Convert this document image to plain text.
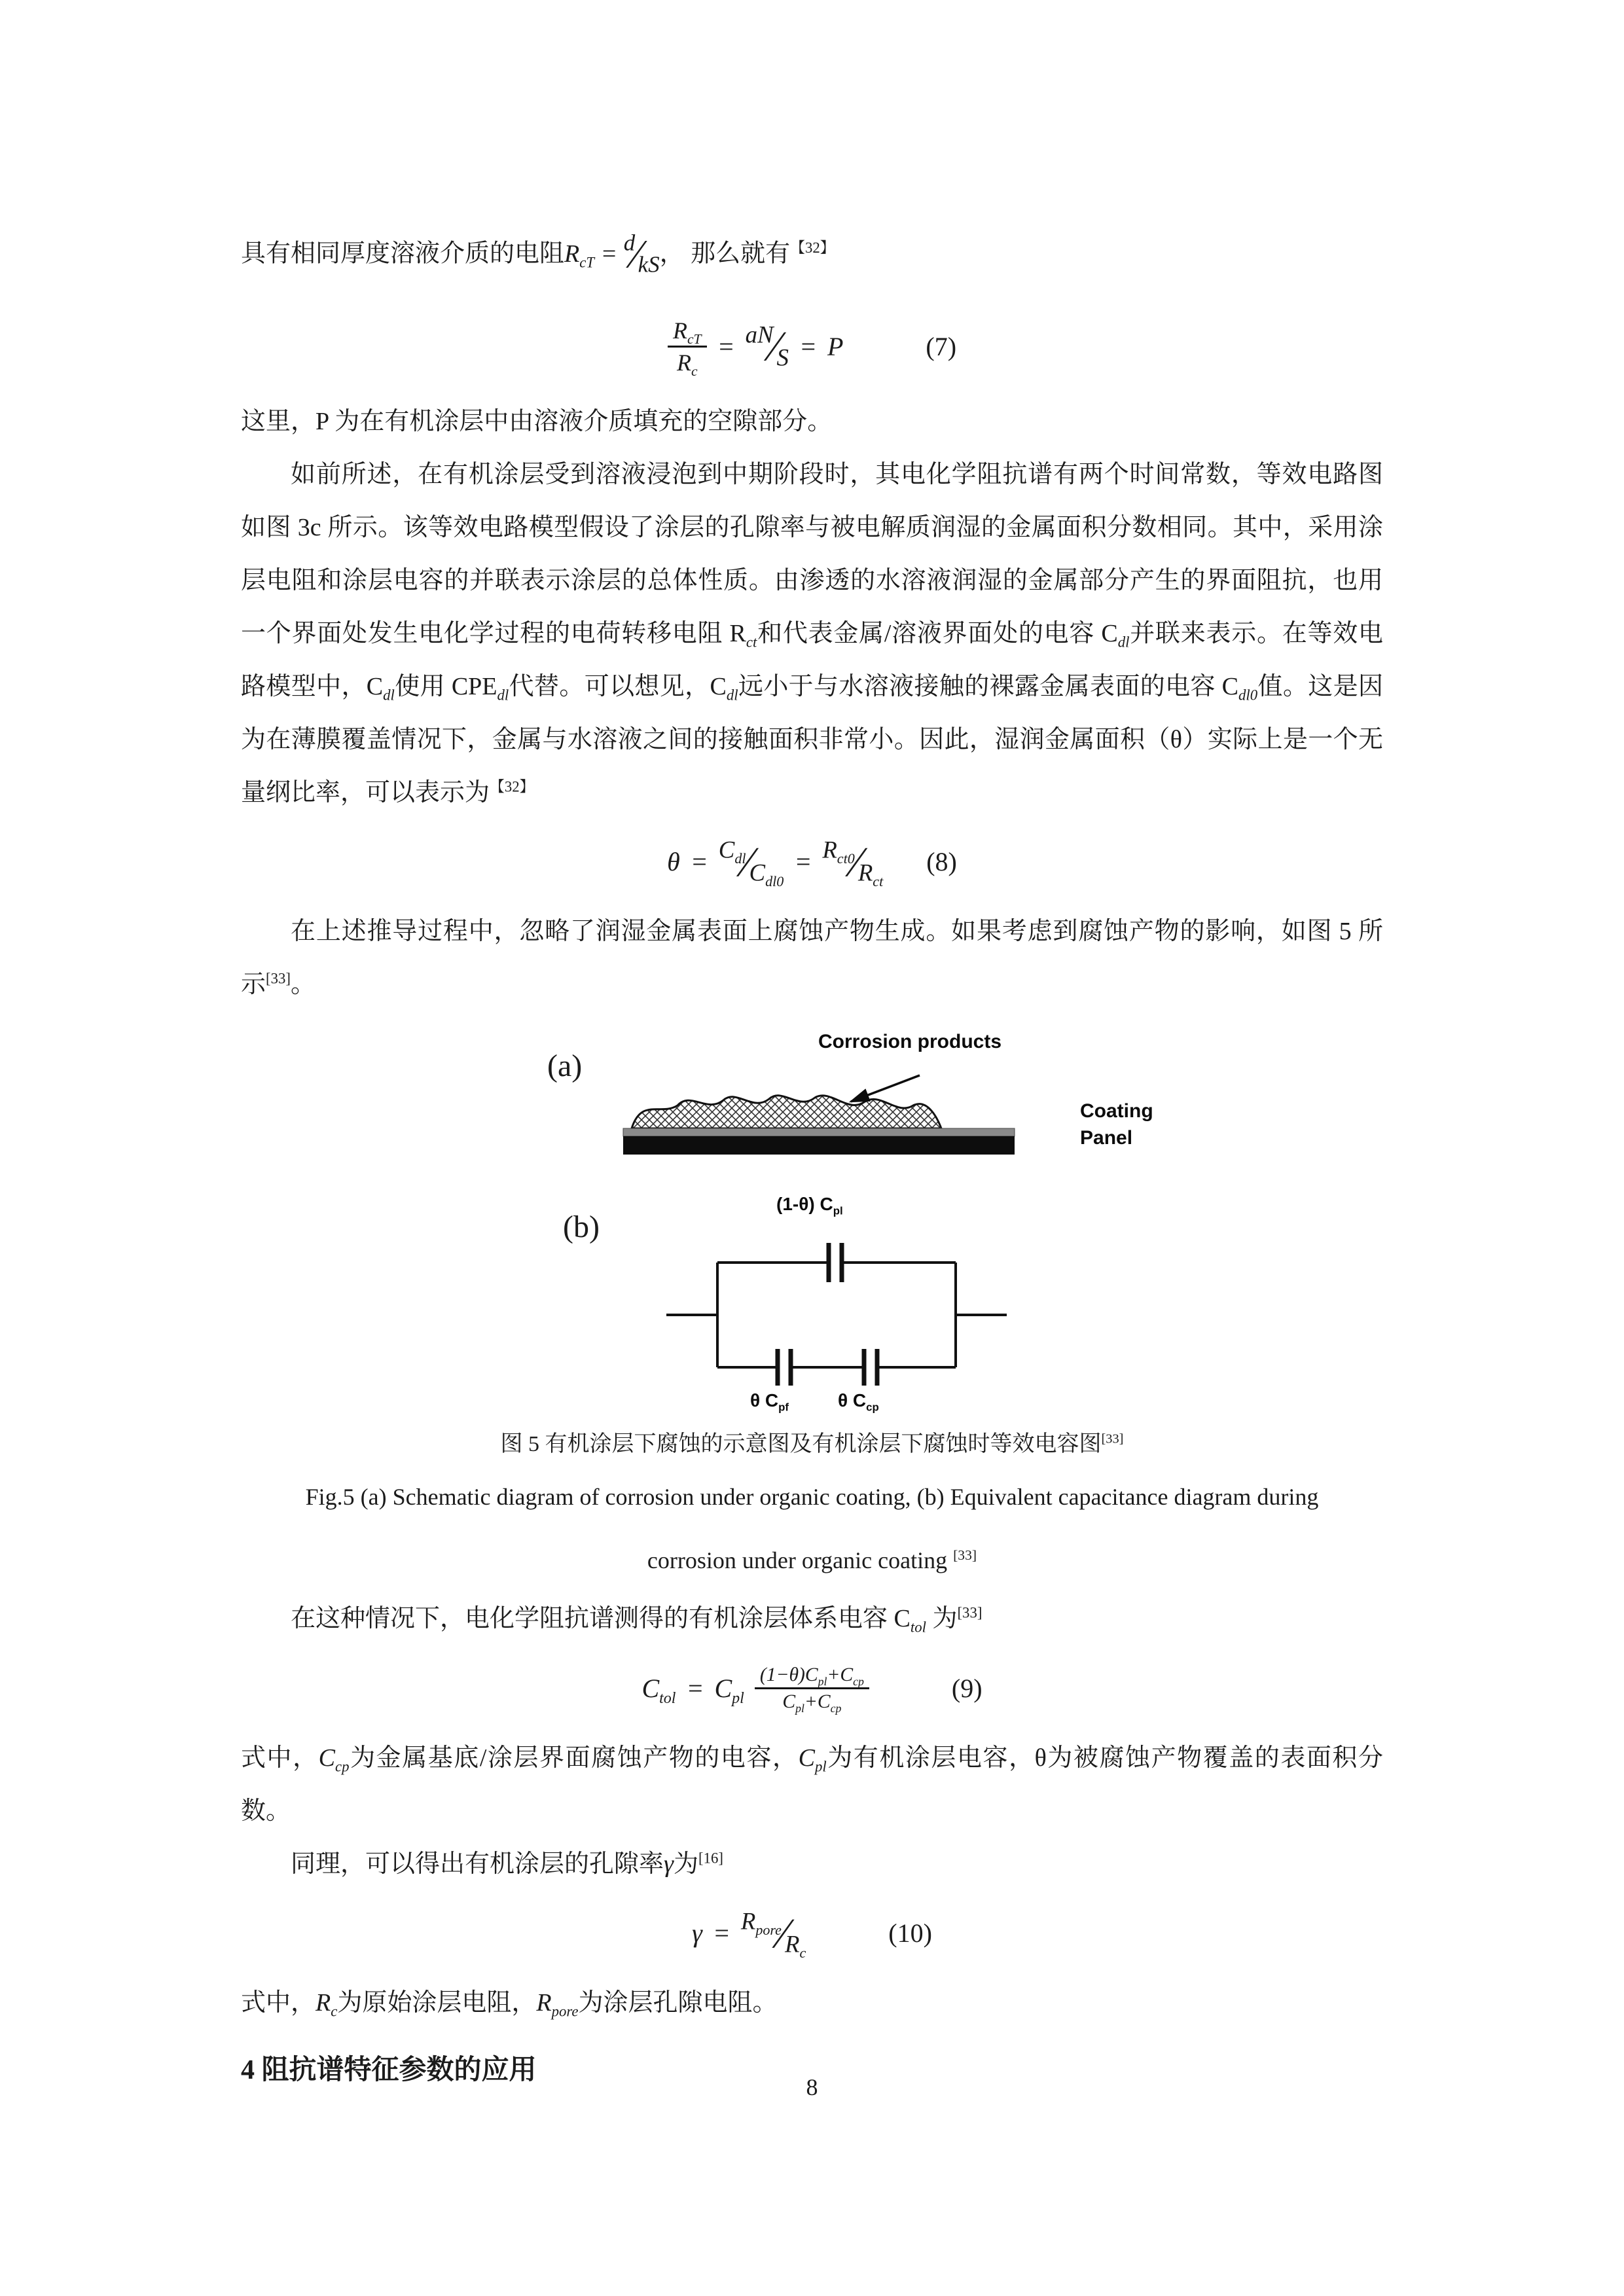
具有相同厚度溶液介质的电阻$R_{cT} = d$
∕
kS ， 那么就有$^{【32】}$

$\frac{R_{cT}}{R_c}$ = aN
∕
S = P	(7)

这里，P 为在有机涂层中由溶液介质填充的空隙部分。

如前所述，在有机涂层受到溶液浸泡到中期阶段时，其电化学阻抗谱有两个时间常数，等效电路图如图 3c 所示。该等效电路模型假设了涂层的孔隙率与被电解质润湿的金属面积分数相同。其中，采用涂层电阻和涂层电容的并联表示涂层的总体性质。由渗透的水溶液润湿的金属部分产生的界面阻抗，也用一个界面处发生电化学过程的电荷转移电阻 $R_{ct}$和代表金属/溶液界面处的电容 $C_{dl}$并联来表示。在等效电路模型中，$C_{dl}$使用 $CPE_{dl}$代替。可以想见，$C_{dl}$远小于与水溶液接触的裸露金属表面的电容 $C_{dl0}$值。这是因为在薄膜覆盖情况下，金属与水溶液之间的接触面积非常小。因此，湿润金属面积（θ）实际上是一个无量纲比率，可以表示为$^{【32】}$

$\theta = C_{dl}$
∕
$C_{dl0}$
= $R_{ct0}$
∕
$R_{ct}$
(8)

在上述推导过程中，忽略了润湿金属表面上腐蚀产物生成。如果考虑到腐蚀产物的影响，如图 5 所示[33]。

(a)
Corrosion products
Coating
Panel
(b)
(1-θ) $C_{pl}$
θ $C_{pf}$	θ $C_{cp}$
图 5 有机涂层下腐蚀的示意图及有机涂层下腐蚀时等效电容图[33]
Fig.5 (a) Schematic diagram of corrosion under organic coating, (b) Equivalent capacitance diagram during
corrosion under organic coating [33]

在这种情况下，电化学阻抗谱测得的有机涂层体系电容 $C_{tol}$ 为[33]

$C_{tol} = C_{pl} \frac{(1-\theta)C_{pl}+C_{cp}}{C_{pl}+C_{cp}}$	(9)

式中，$C_{cp}$为金属基底/涂层界面腐蚀产物的电容，$C_{pl}$为有机涂层电容，θ为被腐蚀产物覆盖的表面积分数。

同理，可以得出有机涂层的孔隙率γ为[16]

$\gamma = R_{pore}$
∕
$R_c$
(10)

式中，$R_c$为原始涂层电阻，$R_{pore}$为涂层孔隙电阻。

4 阻抗谱特征参数的应用
8
